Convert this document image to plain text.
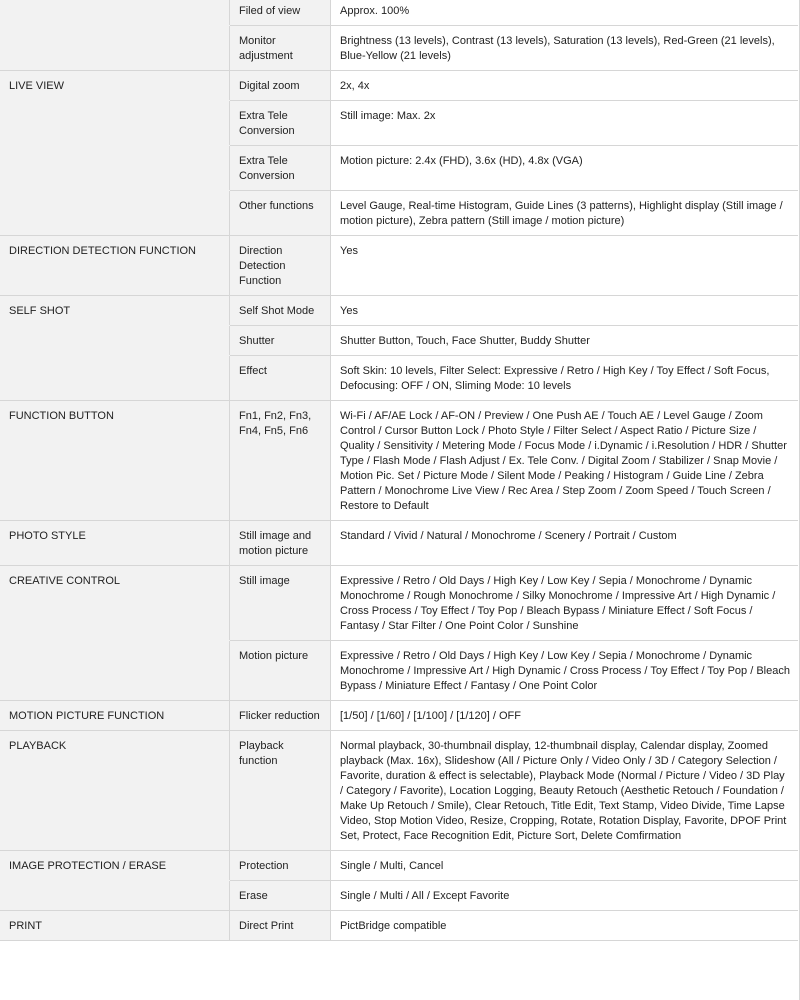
	Filed of view	Approx. 100%
	Monitor adjustment	Brightness (13 levels), Contrast (13 levels), Saturation (13 levels), Red-Green (21 levels), Blue-Yellow (21 levels)
LIVE VIEW	Digital zoom	2x, 4x
	Extra Tele Conversion	Still image: Max. 2x
	Extra Tele Conversion	Motion picture: 2.4x (FHD), 3.6x (HD), 4.8x (VGA)
	Other functions	Level Gauge, Real-time Histogram, Guide Lines (3 patterns), Highlight display (Still image / motion picture), Zebra pattern (Still image / motion picture)
DIRECTION DETECTION FUNCTION	Direction Detection Function	Yes
SELF SHOT	Self Shot Mode	Yes
	Shutter	Shutter Button, Touch, Face Shutter, Buddy Shutter
	Effect	Soft Skin: 10 levels, Filter Select: Expressive / Retro / High Key / Toy Effect / Soft Focus, Defocusing: OFF / ON, Sliming Mode: 10 levels
FUNCTION BUTTON	Fn1, Fn2, Fn3, Fn4, Fn5, Fn6	Wi-Fi / AF/AE Lock / AF-ON / Preview / One Push AE / Touch AE / Level Gauge / Zoom Control / Cursor Button Lock / Photo Style / Filter Select / Aspect Ratio / Picture Size / Quality / Sensitivity / Metering Mode / Focus Mode / i.Dynamic / i.Resolution / HDR / Shutter Type / Flash Mode / Flash Adjust / Ex. Tele Conv. / Digital Zoom / Stabilizer / Snap Movie / Motion Pic. Set / Picture Mode / Silent Mode / Peaking / Histogram / Guide Line / Zebra Pattern / Monochrome Live View / Rec Area / Step Zoom / Zoom Speed / Touch Screen / Restore to Default
PHOTO STYLE	Still image and motion picture	Standard / Vivid / Natural / Monochrome / Scenery / Portrait / Custom
CREATIVE CONTROL	Still image	Expressive / Retro / Old Days / High Key / Low Key / Sepia / Monochrome / Dynamic Monochrome / Rough Monochrome / Silky Monochrome / Impressive Art / High Dynamic / Cross Process / Toy Effect / Toy Pop / Bleach Bypass / Miniature Effect / Soft Focus / Fantasy / Star Filter / One Point Color / Sunshine
	Motion picture	Expressive / Retro / Old Days / High Key / Low Key / Sepia / Monochrome / Dynamic Monochrome / Impressive Art / High Dynamic / Cross Process / Toy Effect / Toy Pop / Bleach Bypass / Miniature Effect / Fantasy / One Point Color
MOTION PICTURE FUNCTION	Flicker reduction	[1/50] / [1/60] / [1/100] / [1/120] / OFF
PLAYBACK	Playback function	Normal playback, 30-thumbnail display, 12-thumbnail display, Calendar display, Zoomed playback (Max. 16x), Slideshow (All / Picture Only / Video Only / 3D / Category Selection / Favorite, duration & effect is selectable), Playback Mode (Normal / Picture / Video / 3D Play / Category / Favorite), Location Logging, Beauty Retouch (Aesthetic Retouch / Foundation / Make Up Retouch / Smile), Clear Retouch, Title Edit, Text Stamp, Video Divide, Time Lapse Video, Stop Motion Video, Resize, Cropping, Rotate, Rotation Display, Favorite, DPOF Print Set, Protect, Face Recognition Edit, Picture Sort, Delete Comfirmation
IMAGE PROTECTION / ERASE	Protection	Single / Multi, Cancel
	Erase	Single / Multi / All / Except Favorite
PRINT	Direct Print	PictBridge compatible
